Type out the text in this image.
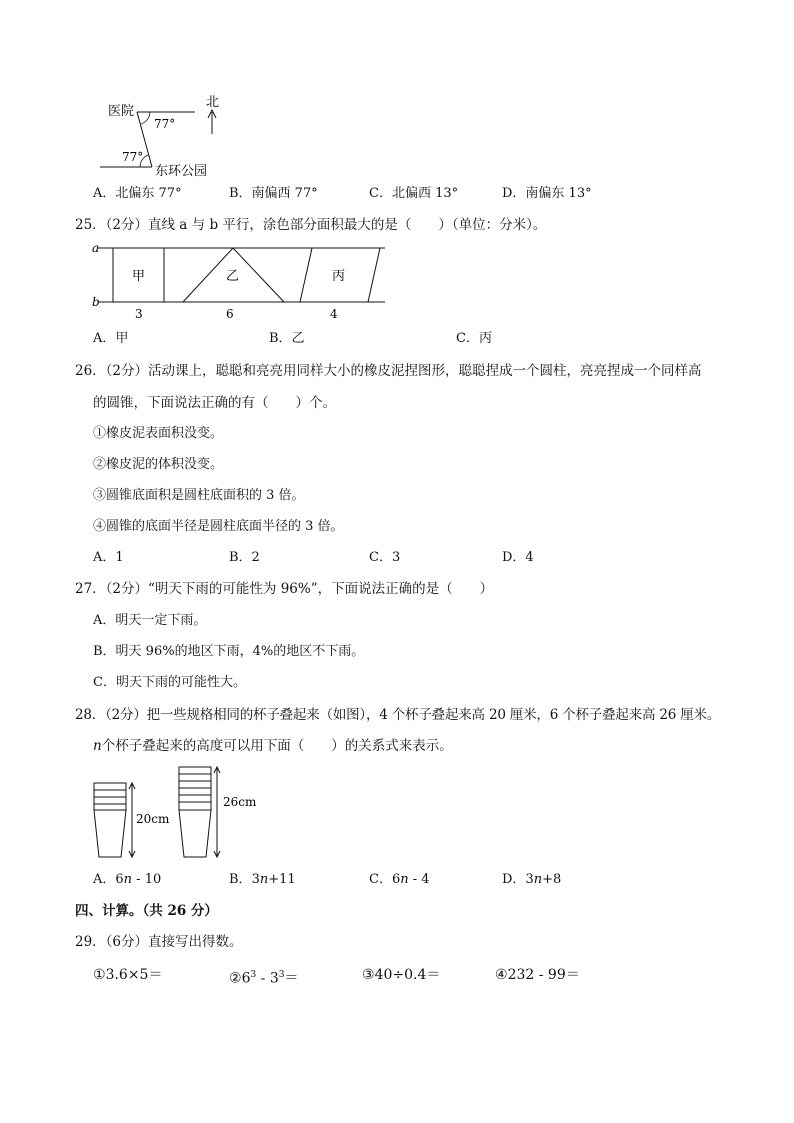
医院
北
77°
77°
东环公园
A．北偏东 77°	B．南偏西 77°	C．北偏西 13°	D．南偏东 13°
25．（2分）直线 a 与 b 平行，涂色部分面积最大的是（　　）（单位：分米）。
a
b
甲	乙	丙
3	6	4
A．甲	B．乙	C．丙
26．（2分）活动课上，聪聪和亮亮用同样大小的橡皮泥捏图形，聪聪捏成一个圆柱，亮亮捏成一个同样高
的圆锥，下面说法正确的有（　　）个。
①橡皮泥表面积没变。
②橡皮泥的体积没变。
③圆锥底面积是圆柱底面积的 3 倍。
④圆锥的底面半径是圆柱底面半径的 3 倍。
A．1	B．2	C．3	D．4
27．（2分）“明天下雨的可能性为 96%”，下面说法正确的是（　　）
A．明天一定下雨。
B．明天 96%的地区下雨，4%的地区不下雨。
C．明天下雨的可能性大。
28．（2分）把一些规格相同的杯子叠起来（如图），4 个杯子叠起来高 20 厘米，6 个杯子叠起来高 26 厘米。
n个杯子叠起来的高度可以用下面（　　）的关系式来表示。
20cm
26cm
A．6n - 10	B．3n+11	C．6n - 4	D．3n+8
四、计算。（共 26 分）
29．（6分）直接写出得数。
①3.6×5＝	$②6^3 - 3^3=$	③40÷0.4＝	④232 - 99＝
